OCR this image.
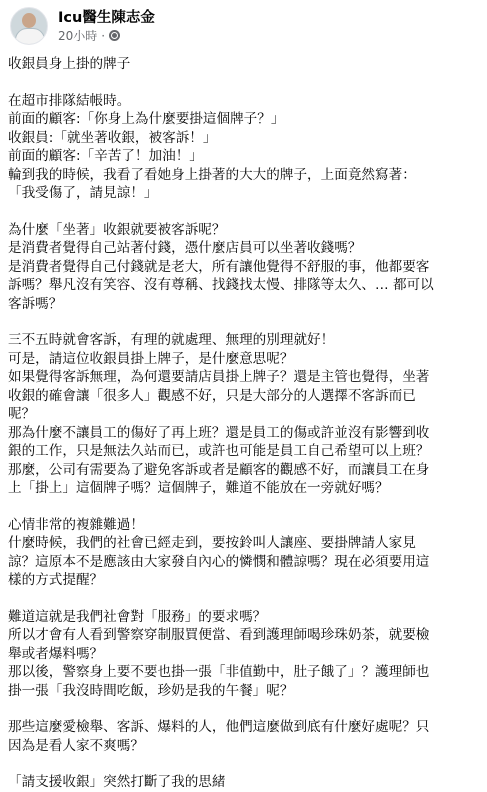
Icu醫生陳志金
20小時 ·

收銀員身上掛的牌子

在超市排隊結帳時。

前面的顧客:「你身上為什麼要掛這個牌子？」

收銀員:「就坐著收銀，被客訴！」

前面的顧客:「辛苦了！加油！」

輪到我的時候，我看了看她身上掛著的大大的牌子，上面竟然寫著：

「我受傷了，請見諒！」

為什麼「坐著」收銀就要被客訴呢？

是消費者覺得自己站著付錢，憑什麼店員可以坐著收錢嗎？

是消費者覺得自己付錢就是老大，所有讓他覺得不舒服的事，他都要客

訴嗎？舉凡沒有笑容、沒有尊稱、找錢找太慢、排隊等太久、… 都可以

客訴嗎？

三不五時就會客訴，有理的就處理、無理的別理就好！

可是，請這位收銀員掛上牌子，是什麼意思呢？

如果覺得客訴無理，為何還要請店員掛上牌子？還是主管也覺得，坐著

收銀的確會讓「很多人」觀感不好，只是大部分的人選擇不客訴而已

呢？

那為什麼不讓員工的傷好了再上班？還是員工的傷或許並沒有影響到收

銀的工作，只是無法久站而已，或許也可能是員工自己希望可以上班？

那麼，公司有需要為了避免客訴或者是顧客的觀感不好，而讓員工在身

上「掛上」這個牌子嗎？這個牌子，難道不能放在一旁就好嗎？

心情非常的複雜難過！

什麼時候，我們的社會已經走到，要按鈴叫人讓座、要掛牌請人家見

諒？這原本不是應該由大家發自內心的憐憫和體諒嗎？現在必須要用這

樣的方式提醒？

難道這就是我們社會對「服務」的要求嗎？

所以才會有人看到警察穿制服買便當、看到護理師喝珍珠奶茶，就要檢

舉或者爆料嗎？

那以後，警察身上要不要也掛一張「非值勤中，肚子餓了」？護理師也

掛一張「我沒時間吃飯，珍奶是我的午餐」呢？

那些這麼愛檢舉、客訴、爆料的人，他們這麼做到底有什麼好處呢？只

因為是看人家不爽嗎？

「請支援收銀」突然打斷了我的思緒
